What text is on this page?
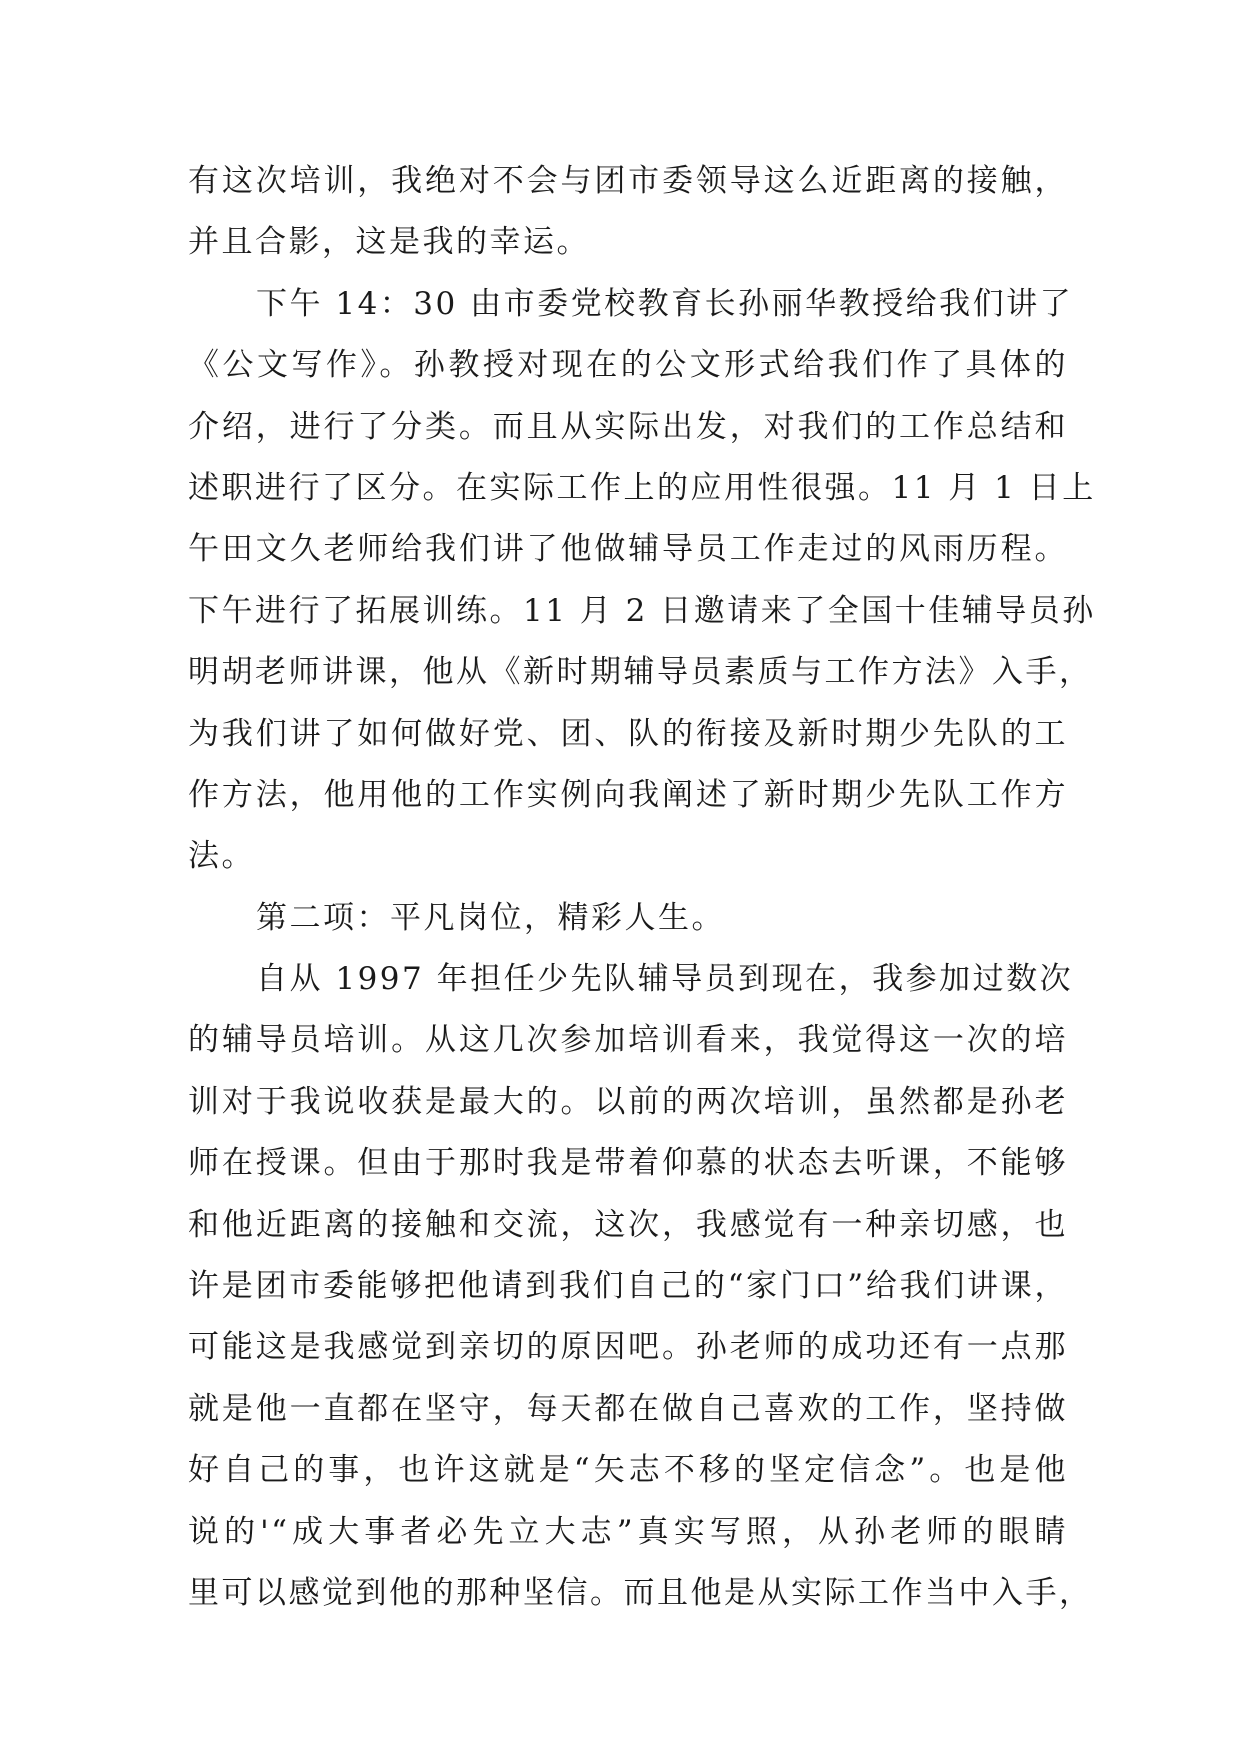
有这次培训，我绝对不会与团市委领导这么近距离的接触，
并且合影，这是我的幸运。
下午 14：30 由市委党校教育长孙丽华教授给我们讲了
《公文写作》。孙教授对现在的公文形式给我们作了具体的
介绍，进行了分类。而且从实际出发，对我们的工作总结和
述职进行了区分。在实际工作上的应用性很强。11 月 1 日上
午田文久老师给我们讲了他做辅导员工作走过的风雨历程。
下午进行了拓展训练。11 月 2 日邀请来了全国十佳辅导员孙
明胡老师讲课，他从《新时期辅导员素质与工作方法》入手，
为我们讲了如何做好党、团、队的衔接及新时期少先队的工
作方法，他用他的工作实例向我阐述了新时期少先队工作方
法。
第二项：平凡岗位，精彩人生。
自从 1997 年担任少先队辅导员到现在，我参加过数次
的辅导员培训。从这几次参加培训看来，我觉得这一次的培
训对于我说收获是最大的。以前的两次培训，虽然都是孙老
师在授课。但由于那时我是带着仰慕的状态去听课，不能够
和他近距离的接触和交流，这次，我感觉有一种亲切感，也
许是团市委能够把他请到我们自己的“家门口”给我们讲课，
可能这是我感觉到亲切的原因吧。孙老师的成功还有一点那
就是他一直都在坚守，每天都在做自己喜欢的工作，坚持做
好自己的事，也许这就是“矢志不移的坚定信念”。也是他
说的'“成大事者必先立大志”真实写照，从孙老师的眼睛
里可以感觉到他的那种坚信。而且他是从实际工作当中入手，
